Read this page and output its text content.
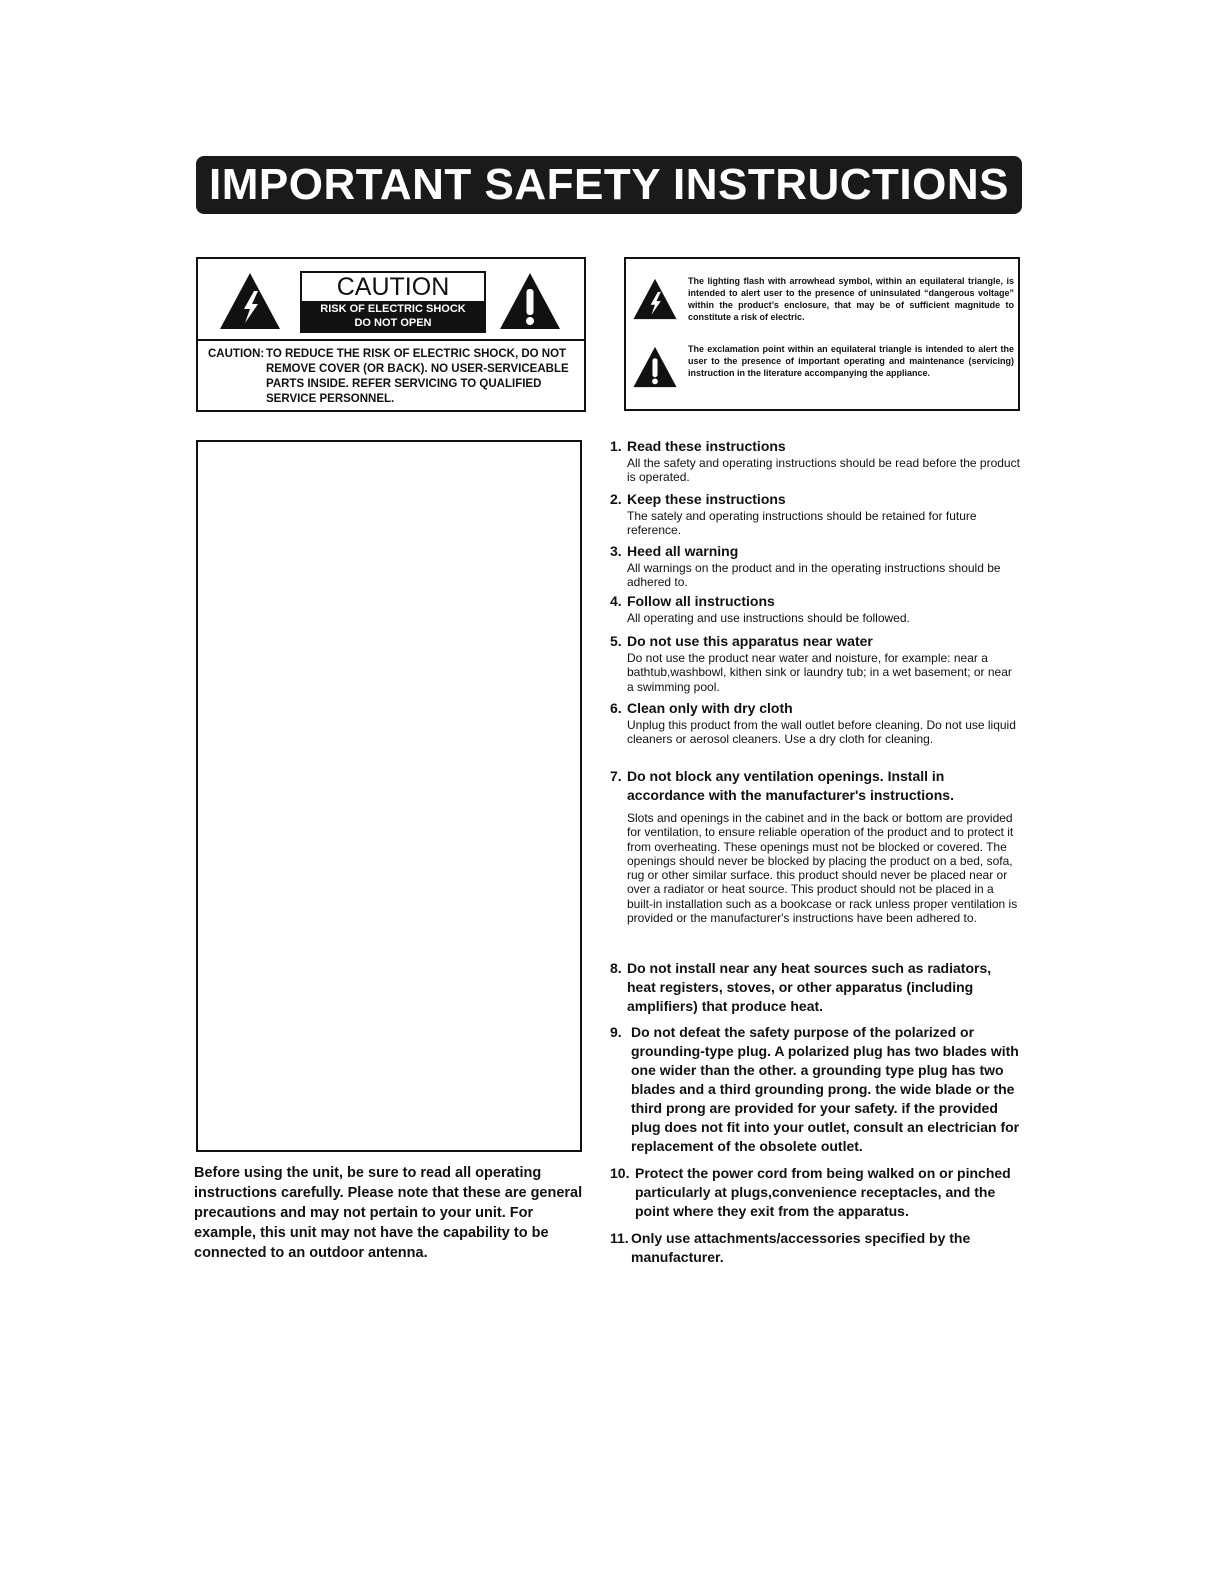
IMPORTANT SAFETY INSTRUCTIONS
CAUTION
RISK OF ELECTRIC SHOCK
DO NOT OPEN
CAUTION: TO REDUCE THE RISK OF ELECTRIC SHOCK, DO NOT REMOVE COVER (OR BACK). NO USER-SERVICEABLE PARTS INSIDE. REFER SERVICING TO QUALIFIED SERVICE PERSONNEL.
The lighting flash with arrowhead symbol, within an equilateral triangle, is intended to alert user to the presence of uninsulated “dangerous voltage” within the product’s enclosure, that may be of sufficient magnitude to constitute a risk of electric.
The exclamation point within an equilateral triangle is intended to alert the user to the presence of important operating and maintenance (servicing) instruction in the literature accompanying the appliance.
Before using the unit, be sure to read all operating instructions carefully. Please note that these are general precautions and may not pertain to your unit. For example, this unit may not have the capability to be connected to an outdoor antenna.
1. Read these instructions
All the safety and operating instructions should be read before the product is operated.
2. Keep these instructions
The sately and operating instructions should be retained for future reference.
3. Heed all warning
All warnings on the product and in the operating instructions should be adhered to.
4. Follow all instructions
All operating and use instructions should be followed.
5. Do not use this apparatus near water
Do not use the product near water and noisture, for example: near a bathtub,washbowl, kithen sink or laundry tub; in a wet basement; or near a swimming pool.
6. Clean only with dry cloth
Unplug this product from the wall outlet before cleaning. Do not use liquid cleaners or aerosol cleaners. Use a dry cloth for cleaning.
7. Do not block any ventilation openings. Install in accordance with the manufacturer's instructions.
Slots and openings in the cabinet and in the back or bottom are provided for ventilation, to ensure reliable operation of the product and to protect it from overheating. These openings must not be blocked or covered. The openings should never be blocked by placing the product on a bed, sofa, rug or other similar surface. this product should never be placed near or over a radiator or heat source. This product should not be placed in a built-in installation such as a bookcase or rack unless proper ventilation is provided or the manufacturer's instructions have been adhered to.
8. Do not install near any heat sources such as radiators, heat registers, stoves, or other apparatus (including amplifiers) that produce heat.
9. Do not defeat the safety purpose of the polarized or grounding-type plug. A polarized plug has two blades with one wider than the other. a grounding type plug has two blades and a third grounding prong. the wide blade or the third prong are provided for your safety. if the provided plug does not fit into your outlet, consult an electrician for replacement of the obsolete outlet.
10. Protect the power cord from being walked on or pinched particularly at plugs,convenience receptacles, and the point where they exit from the apparatus.
11. Only use attachments/accessories specified by the manufacturer.
